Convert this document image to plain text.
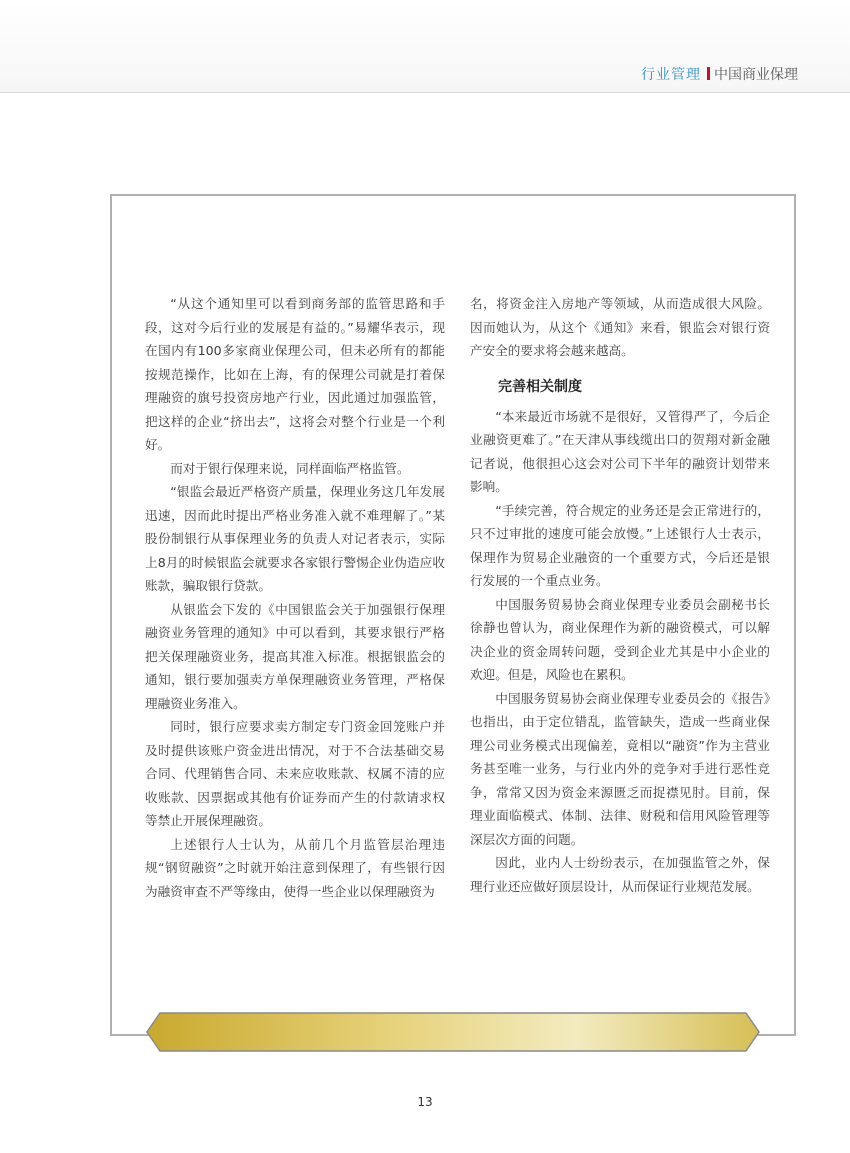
行业管理 中国商业保理

“从这个通知里可以看到商务部的监管思路和手段，这对今后行业的发展是有益的。”易耀华表示，现在国内有100多家商业保理公司，但未必所有的都能按规范操作，比如在上海，有的保理公司就是打着保理融资的旗号投资房地产行业，因此通过加强监管，把这样的企业“挤出去”，这将会对整个行业是一个利好。

而对于银行保理来说，同样面临严格监管。

“银监会最近严格资产质量，保理业务这几年发展迅速，因而此时提出严格业务准入就不难理解了。”某股份制银行从事保理业务的负责人对记者表示，实际上8月的时候银监会就要求各家银行警惕企业伪造应收账款，骗取银行贷款。

从银监会下发的《中国银监会关于加强银行保理融资业务管理的通知》中可以看到，其要求银行严格把关保理融资业务，提高其准入标准。根据银监会的通知，银行要加强卖方单保理融资业务管理，严格保理融资业务准入。

同时，银行应要求卖方制定专门资金回笼账户并及时提供该账户资金进出情况，对于不合法基础交易合同、代理销售合同、未来应收账款、权属不清的应收账款、因票据或其他有价证券而产生的付款请求权等禁止开展保理融资。

上述银行人士认为，从前几个月监管层治理违规“钢贸融资”之时就开始注意到保理了，有些银行因为融资审查不严等缘由，使得一些企业以保理融资为

名，将资金注入房地产等领域，从而造成很大风险。因而她认为，从这个《通知》来看，银监会对银行资产安全的要求将会越来越高。

完善相关制度

“本来最近市场就不是很好，又管得严了，今后企业融资更难了。”在天津从事线缆出口的贺翔对新金融记者说，他很担心这会对公司下半年的融资计划带来影响。

“手续完善，符合规定的业务还是会正常进行的，只不过审批的速度可能会放慢。”上述银行人士表示，保理作为贸易企业融资的一个重要方式，今后还是银行发展的一个重点业务。

中国服务贸易协会商业保理专业委员会副秘书长徐静也曾认为，商业保理作为新的融资模式，可以解决企业的资金周转问题，受到企业尤其是中小企业的欢迎。但是，风险也在累积。

中国服务贸易协会商业保理专业委员会的《报告》也指出，由于定位错乱，监管缺失，造成一些商业保理公司业务模式出现偏差，竟相以“融资”作为主营业务甚至唯一业务，与行业内外的竞争对手进行恶性竞争，常常又因为资金来源匮乏而捉襟见肘。目前，保理业面临模式、体制、法律、财税和信用风险管理等深层次方面的问题。

因此，业内人士纷纷表示，在加强监管之外，保理行业还应做好顶层设计，从而保证行业规范发展。

13
